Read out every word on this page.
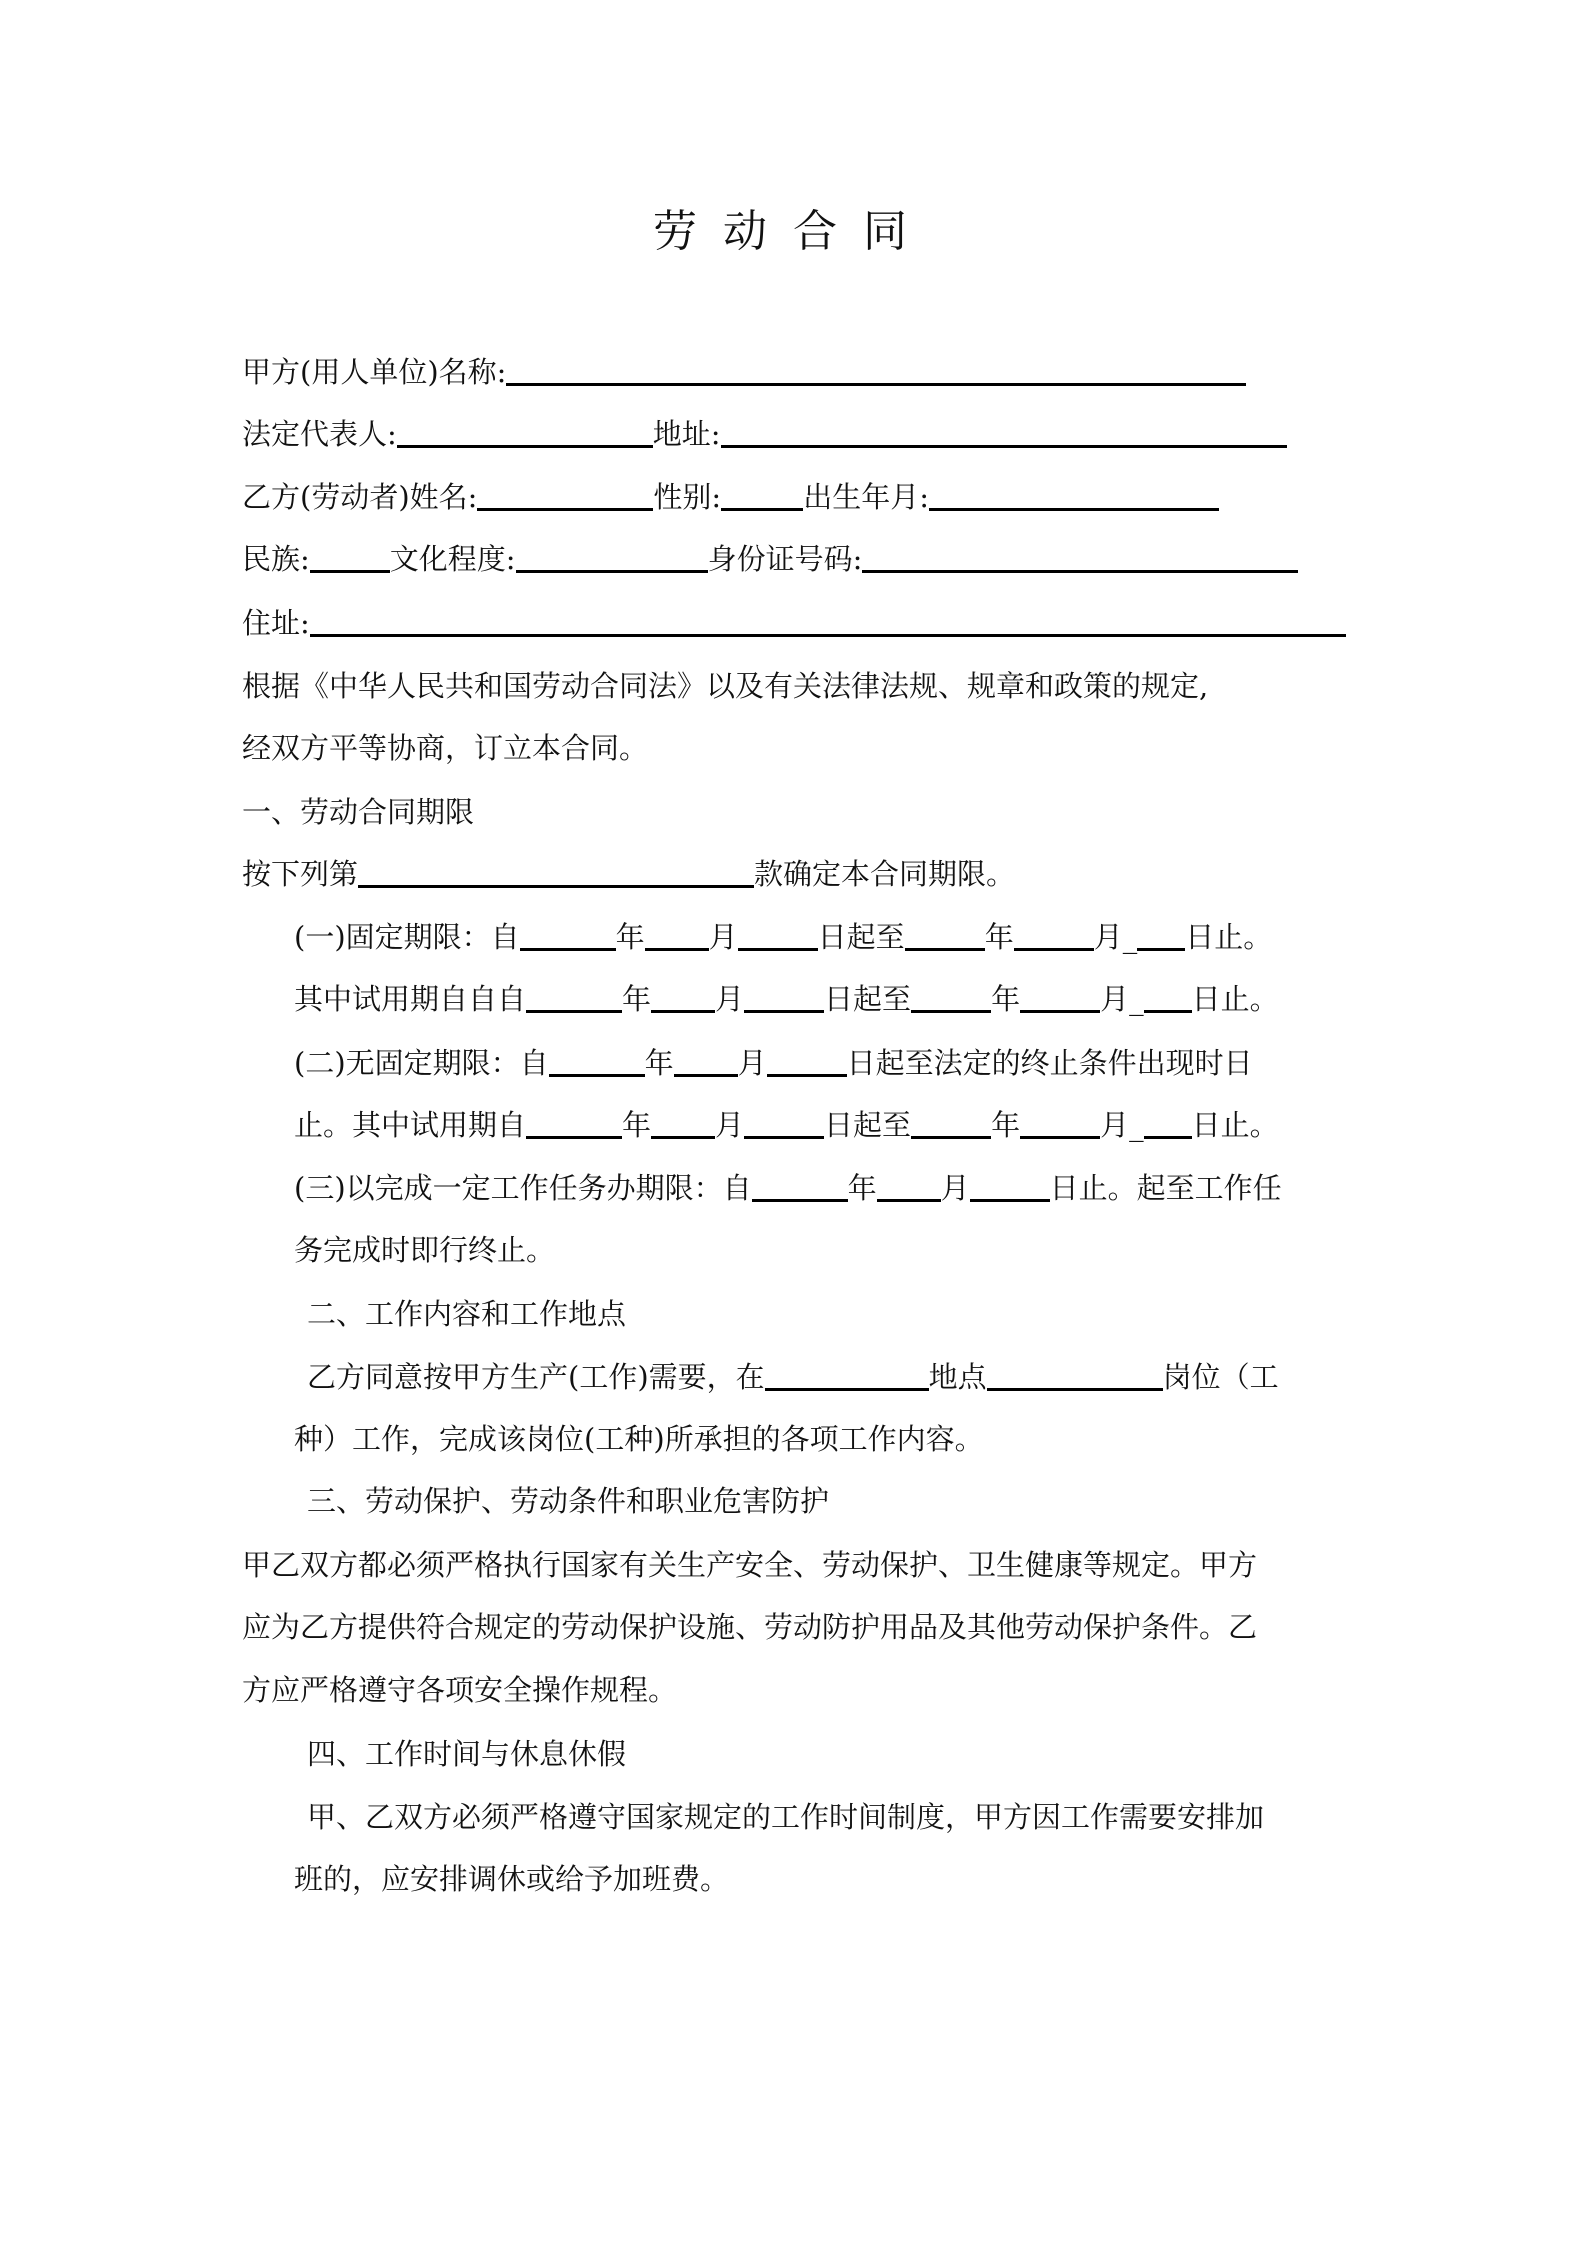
劳动合同
甲方(用人单位)名称:
法定代表人:	地址:
乙方(劳动者)姓名:	性别:	出生年月:
民族:	文化程度:	身份证号码:
住址:
根据《中华人民共和国劳动合同法》以及有关法律法规、规章和政策的规定,
经双方平等协商，订立本合同。
一、劳动合同期限
按下列第	款确定本合同期限。
(一)固定期限：自	年 月	日起至	年	月_ 日止。
其中试用期自自自	年 月	日起至	年	月_ 日止。
(二)无固定期限：自	年 月	日起至法定的终止条件出现时日
止。其中试用期自	年 月	日起至	年	月_ 日止。
(三)以完成一定工作任务办期限：自	年 月	日止。起至工作任
务完成时即行终止。
二、工作内容和工作地点
乙方同意按甲方生产(工作)需要，在	地点	岗位（工
种）工作，完成该岗位(工种)所承担的各项工作内容。
三、劳动保护、劳动条件和职业危害防护
甲乙双方都必须严格执行国家有关生产安全、劳动保护、卫生健康等规定。甲方
应为乙方提供符合规定的劳动保护设施、劳动防护用品及其他劳动保护条件。乙
方应严格遵守各项安全操作规程。
四、工作时间与休息休假
甲、乙双方必须严格遵守国家规定的工作时间制度，甲方因工作需要安排加
班的，应安排调休或给予加班费。
